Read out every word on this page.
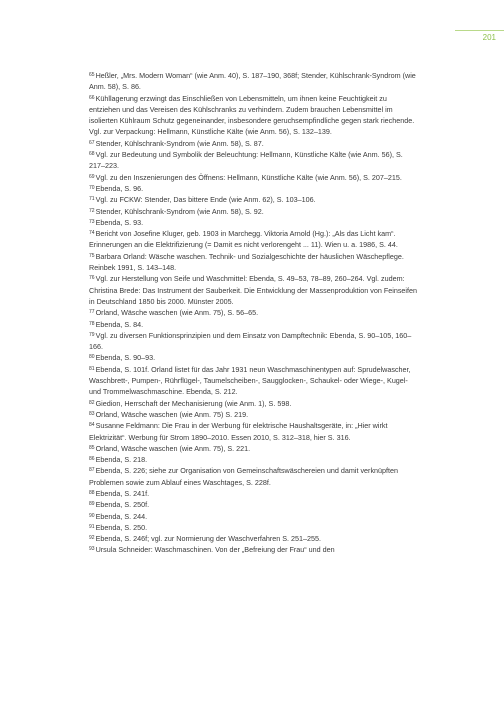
201

$^{65}$Heßler, „Mrs. Modern Woman“ (wie Anm. 40), S. 187–190, 368f; Stender, Kühlschrank-Syndrom (wie Anm. 58), S. 86.

$^{66}$Kühllagerung erzwingt das Einschließen von Lebensmitteln, um ihnen keine Feuchtigkeit zu entziehen und das Vereisen des Kühlschranks zu verhindern. Zudem brauchen Lebensmittel im isolierten Kühlraum Schutz gegeneinander, insbesondere geruchsempfindliche gegen stark riechende. Vgl. zur Verpackung: Hellmann, Künstliche Kälte (wie Anm. 56), S. 132–139.

$^{67}$Stender, Kühlschrank-Syndrom (wie Anm. 58), S. 87.

$^{68}$Vgl. zur Bedeutung und Symbolik der Beleuchtung: Hellmann, Künstliche Kälte (wie Anm. 56), S. 217–223.

$^{69}$Vgl. zu den Inszenierungen des Öffnens: Hellmann, Künstliche Kälte (wie Anm. 56), S. 207–215.

$^{70}$Ebenda, S. 96.

$^{71}$Vgl. zu FCKW: Stender, Das bittere Ende (wie Anm. 62), S. 103–106.

$^{72}$Stender, Kühlschrank-Syndrom (wie Anm. 58), S. 92.

$^{73}$Ebenda, S. 93.

$^{74}$Bericht von Josefine Kluger, geb. 1903 in Marchegg. Viktoria Arnold (Hg.): „Als das Licht kam“. Erinnerungen an die Elektrifizierung (= Damit es nicht verlorengeht ... 11). Wien u. a. 1986, S. 44.

$^{75}$Barbara Orland: Wäsche waschen. Technik- und Sozialgeschichte der häuslichen Wäschepflege. Reinbek 1991, S. 143–148.

$^{76}$Vgl. zur Herstellung von Seife und Waschmittel: Ebenda, S. 49–53, 78–89, 260–264. Vgl. zudem: Christina Brede: Das Instrument der Sauberkeit. Die Entwicklung der Massenproduktion von Feinseifen in Deutschland 1850 bis 2000. Münster 2005.

$^{77}$Orland, Wäsche waschen (wie Anm. 75), S. 56–65.

$^{78}$Ebenda, S. 84.

$^{79}$Vgl. zu diversen Funktionsprinzipien und dem Einsatz von Dampftechnik: Ebenda, S. 90–105, 160–166.

$^{80}$Ebenda, S. 90–93.

$^{81}$Ebenda, S. 101f. Orland listet für das Jahr 1931 neun Waschmaschinentypen auf: Sprudelwascher, Waschbrett-, Pumpen-, Rührflügel-, Taumelscheiben-, Saugglocken-, Schaukel- oder Wiege-, Kugel- und Trommelwaschmaschine. Ebenda, S. 212.

$^{82}$Giedion, Herrschaft der Mechanisierung (wie Anm. 1), S. 598.

$^{83}$Orland, Wäsche waschen (wie Anm. 75) S. 219.

$^{84}$Susanne Feldmann: Die Frau in der Werbung für elektrische Haushaltsgeräte, in: „Hier wirkt Elektrizität“. Werbung für Strom 1890–2010. Essen 2010, S. 312–318, hier S. 316.

$^{85}$Orland, Wäsche waschen (wie Anm. 75), S. 221.

$^{86}$Ebenda, S. 218.

$^{87}$Ebenda, S. 226; siehe zur Organisation von Gemeinschaftswäschereien und damit verknüpften Problemen sowie zum Ablauf eines Waschtages, S. 228f.

$^{88}$Ebenda, S. 241f.

$^{89}$Ebenda, S. 250f.

$^{90}$Ebenda, S. 244.

$^{91}$Ebenda, S. 250.

$^{92}$Ebenda, S. 246f; vgl. zur Normierung der Waschverfahren S. 251–255.

$^{93}$Ursula Schneider: Waschmaschinen. Von der „Befreiung der Frau“ und den
